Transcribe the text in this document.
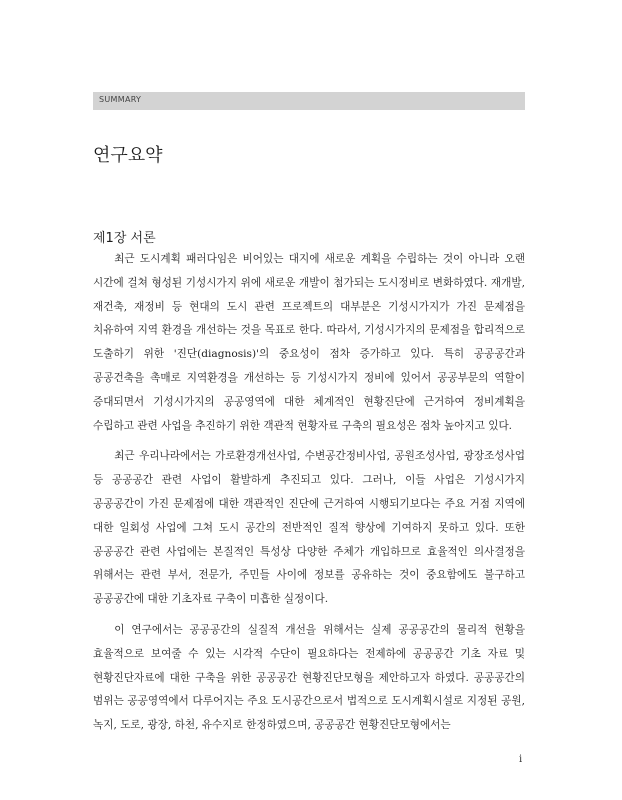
SUMMARY
연구요약
제1장 서론

최근 도시계획 패러다임은 비어있는 대지에 새로운 계획을 수립하는 것이 아니라 오랜 시간에 걸쳐 형성된 기성시가지 위에 새로운 개발이 첨가되는 도시정비로 변화하였다. 재개발, 재건축, 재정비 등 현대의 도시 관련 프로젝트의 대부분은 기성시가지가 가진 문제점을 치유하여 지역 환경을 개선하는 것을 목표로 한다. 따라서, 기성시가지의 문제점을 합리적으로 도출하기 위한 '진단(diagnosis)'의 중요성이 점차 증가하고 있다. 특히 공공공간과 공공건축을 촉매로 지역환경을 개선하는 등 기성시가지 정비에 있어서 공공부문의 역할이 증대되면서 기성시가지의 공공영역에 대한 체계적인 현황진단에 근거하여 정비계획을 수립하고 관련 사업을 추진하기 위한 객관적 현황자료 구축의 필요성은 점차 높아지고 있다.

최근 우리나라에서는 가로환경개선사업, 수변공간정비사업, 공원조성사업, 광장조성사업 등 공공공간 관련 사업이 활발하게 추진되고 있다. 그러나, 이들 사업은 기성시가지 공공공간이 가진 문제점에 대한 객관적인 진단에 근거하여 시행되기보다는 주요 거점 지역에 대한 일회성 사업에 그쳐 도시 공간의 전반적인 질적 향상에 기여하지 못하고 있다. 또한 공공공간 관련 사업에는 본질적인 특성상 다양한 주체가 개입하므로 효율적인 의사결정을 위해서는 관련 부서, 전문가, 주민들 사이에 정보를 공유하는 것이 중요함에도 불구하고 공공공간에 대한 기초자료 구축이 미흡한 실정이다.

이 연구에서는 공공공간의 실질적 개선을 위해서는 실제 공공공간의 물리적 현황을 효율적으로 보여줄 수 있는 시각적 수단이 필요하다는 전제하에 공공공간 기초 자료 및 현황진단자료에 대한 구축을 위한 공공공간 현황진단모형을 제안하고자 하였다. 공공공간의 범위는 공공영역에서 다루어지는 주요 도시공간으로서 법적으로 도시계획시설로 지정된 공원, 녹지, 도로, 광장, 하천, 유수지로 한정하였으며, 공공공간 현황진단모형에서는

i
